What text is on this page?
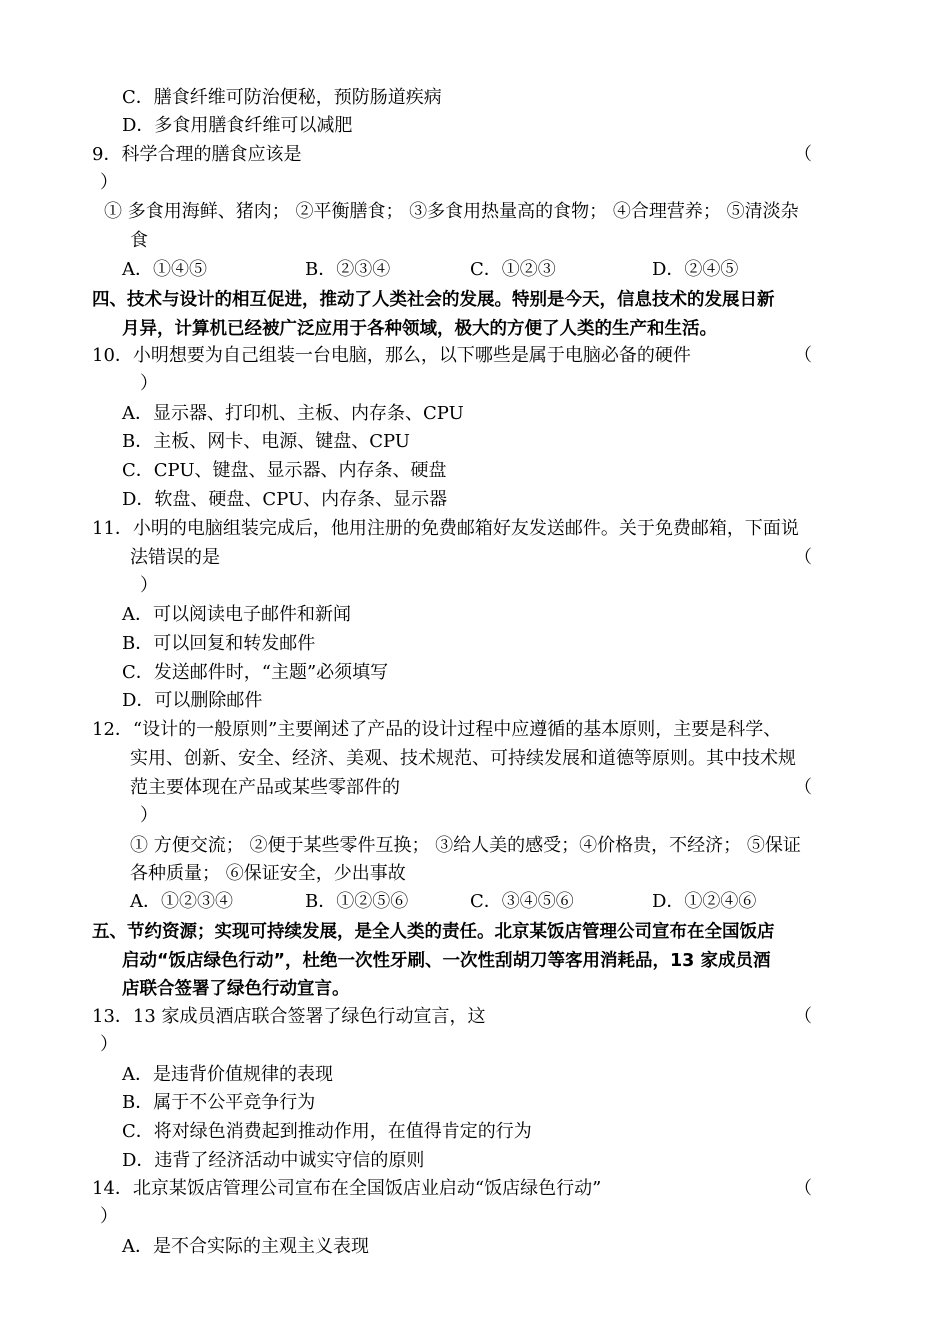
C．膳食纤维可防治便秘，预防肠道疾病
D．多食用膳食纤维可以减肥
9．科学合理的膳食应该是	（
）
① 多食用海鲜、猪肉； ②平衡膳食； ③多食用热量高的食物； ④合理营养； ⑤清淡杂
食
A．①④⑤	B．②③④	C．①②③	D．②④⑤
四、技术与设计的相互促进，推动了人类社会的发展。特别是今天，信息技术的发展日新
月异，计算机已经被广泛应用于各种领域，极大的方便了人类的生产和生活。
10．小明想要为自己组装一台电脑，那么，以下哪些是属于电脑必备的硬件	（
）
A．显示器、打印机、主板、内存条、CPU
B．主板、网卡、电源、键盘、CPU
C．CPU、键盘、显示器、内存条、硬盘
D．软盘、硬盘、CPU、内存条、显示器
11．小明的电脑组装完成后，他用注册的免费邮箱好友发送邮件。关于免费邮箱，下面说
法错误的是	（
）
A．可以阅读电子邮件和新闻
B．可以回复和转发邮件
C．发送邮件时，“主题”必须填写
D．可以删除邮件
12．“设计的一般原则”主要阐述了产品的设计过程中应遵循的基本原则，主要是科学、
实用、创新、安全、经济、美观、技术规范、可持续发展和道德等原则。其中技术规
范主要体现在产品或某些零部件的	（
）
① 方便交流； ②便于某些零件互换； ③给人美的感受；④价格贵，不经济； ⑤保证
各种质量； ⑥保证安全，少出事故
A．①②③④	B．①②⑤⑥	C．③④⑤⑥	D．①②④⑥
五、节约资源；实现可持续发展，是全人类的责任。北京某饭店管理公司宣布在全国饭店
启动“饭店绿色行动”，杜绝一次性牙刷、一次性刮胡刀等客用消耗品，13 家成员酒
店联合签署了绿色行动宣言。
13．13 家成员酒店联合签署了绿色行动宣言，这	（
）
A．是违背价值规律的表现
B．属于不公平竞争行为
C．将对绿色消费起到推动作用，在值得肯定的行为
D．违背了经济活动中诚实守信的原则
14．北京某饭店管理公司宣布在全国饭店业启动“饭店绿色行动”	（
）
A．是不合实际的主观主义表现
